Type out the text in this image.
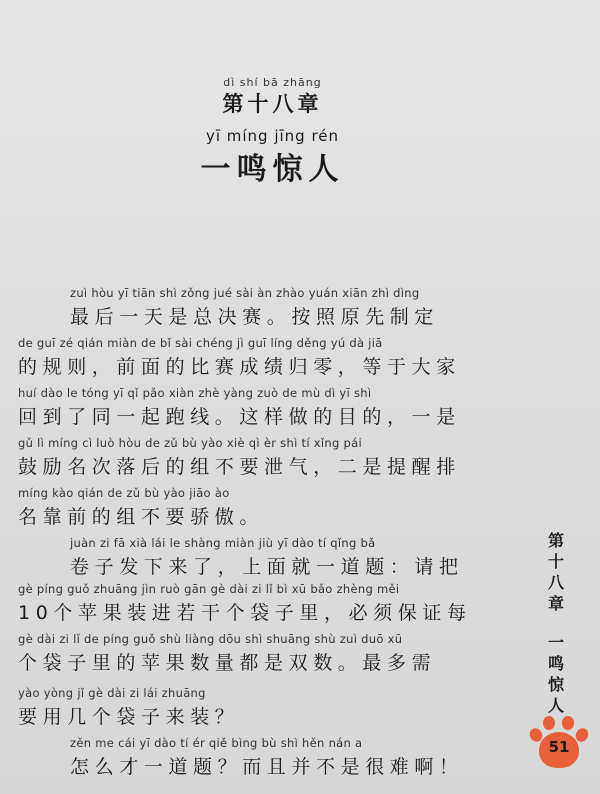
dì shí bā zhāng
第十八章
yī míng jīng rén
一鸣惊人
zuì hòu yī tiān shì zǒng jué sài àn zhào yuán xiān zhì dìng
最后一天是总决赛。按照原先制定
de guī zé qián miàn de bǐ sài chéng jì guī líng děng yú dà jiā
的规则，前面的比赛成绩归零，等于大家
huí dào le tóng yī qǐ pǎo xiàn zhè yàng zuò de mù dì yī shì
回到了同一起跑线。这样做的目的，一是
gǔ lì míng cì luò hòu de zǔ bù yào xiè qì èr shì tí xǐng pái
鼓励名次落后的组不要泄气，二是提醒排
míng kào qián de zǔ bù yào jiāo ào
名靠前的组不要骄傲。
juàn zi fā xià lái le shàng miàn jiù yī dào tí qǐng bǎ
卷子发下来了，上面就一道题：请把
gè píng guǒ zhuāng jìn ruò gān gè dài zi lǐ bì xū bǎo zhèng měi
10个苹果装进若干个袋子里，必须保证每
gè dài zi lǐ de píng guǒ shù liàng dōu shì shuāng shù zuì duō xū
个袋子里的苹果数量都是双数。最多需
yào yòng jǐ gè dài zi lái zhuāng
要用几个袋子来装？
zěn me cái yī dào tí ér qiě bìng bù shì hěn nán a
怎么才一道题？而且并不是很难啊！
第十八章
一鸣惊人
51
